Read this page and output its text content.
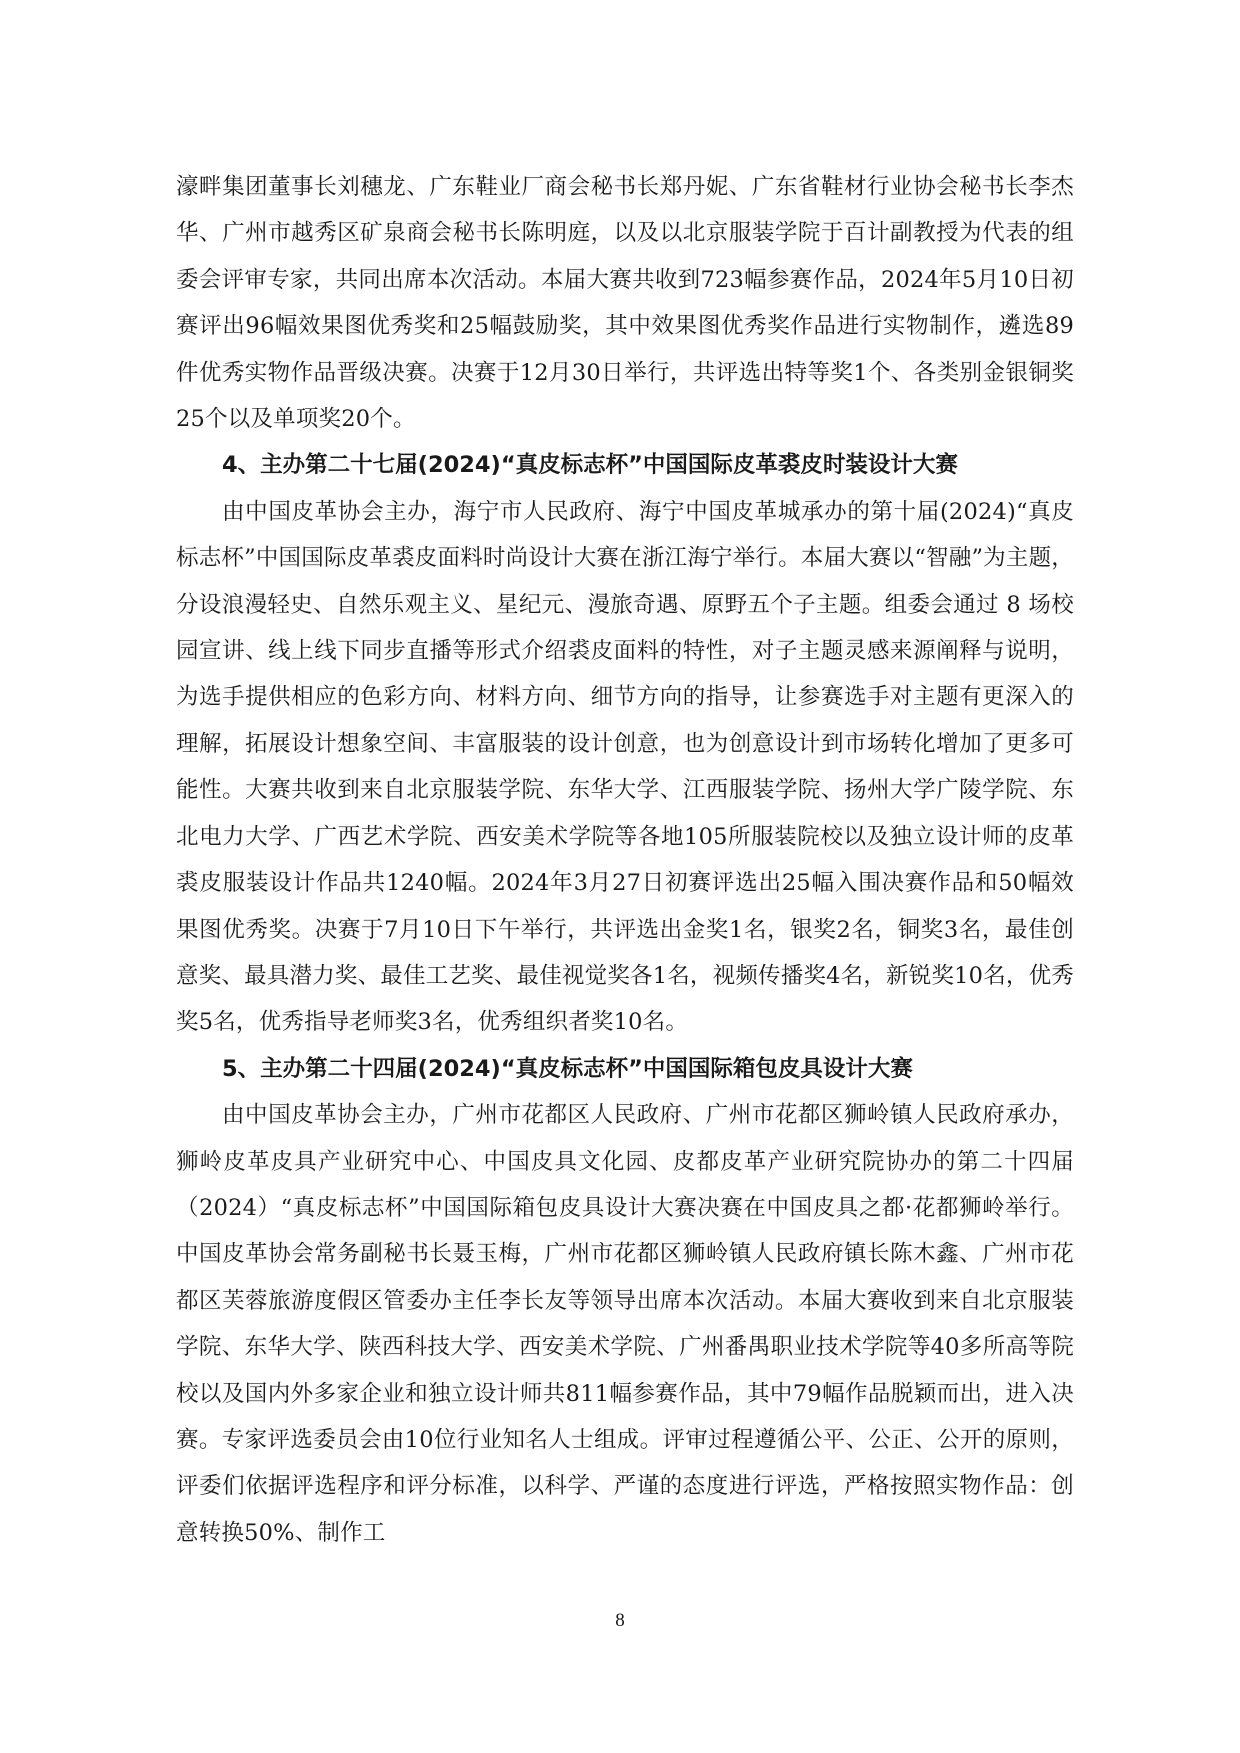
濠畔集团董事长刘穗龙、广东鞋业厂商会秘书长郑丹妮、广东省鞋材行业协会秘书长李杰华、广州市越秀区矿泉商会秘书长陈明庭，以及以北京服装学院于百计副教授为代表的组委会评审专家，共同出席本次活动。本届大赛共收到723幅参赛作品，2024年5月10日初赛评出96幅效果图优秀奖和25幅鼓励奖，其中效果图优秀奖作品进行实物制作，遴选89件优秀实物作品晋级决赛。决赛于12月30日举行，共评选出特等奖1个、各类别金银铜奖25个以及单项奖20个。

4、主办第二十七届(2024)“真皮标志杯”中国国际皮革裘皮时装设计大赛

由中国皮革协会主办，海宁市人民政府、海宁中国皮革城承办的第十届(2024)“真皮标志杯”中国国际皮革裘皮面料时尚设计大赛在浙江海宁举行。本届大赛以“智融”为主题，分设浪漫轻史、自然乐观主义、星纪元、漫旅奇遇、原野五个子主题。组委会通过 8 场校园宣讲、线上线下同步直播等形式介绍裘皮面料的特性，对子主题灵感来源阐释与说明，为选手提供相应的色彩方向、材料方向、细节方向的指导，让参赛选手对主题有更深入的理解，拓展设计想象空间、丰富服装的设计创意，也为创意设计到市场转化增加了更多可能性。大赛共收到来自北京服装学院、东华大学、江西服装学院、扬州大学广陵学院、东北电力大学、广西艺术学院、西安美术学院等各地105所服装院校以及独立设计师的皮革裘皮服装设计作品共1240幅。2024年3月27日初赛评选出25幅入围决赛作品和50幅效果图优秀奖。决赛于7月10日下午举行，共评选出金奖1名，银奖2名，铜奖3名，最佳创意奖、最具潜力奖、最佳工艺奖、最佳视觉奖各1名，视频传播奖4名，新锐奖10名，优秀奖5名，优秀指导老师奖3名，优秀组织者奖10名。

5、主办第二十四届(2024)“真皮标志杯”中国国际箱包皮具设计大赛

由中国皮革协会主办，广州市花都区人民政府、广州市花都区狮岭镇人民政府承办，狮岭皮革皮具产业研究中心、中国皮具文化园、皮都皮革产业研究院协办的第二十四届（2024）“真皮标志杯”中国国际箱包皮具设计大赛决赛在中国皮具之都·花都狮岭举行。中国皮革协会常务副秘书长聂玉梅，广州市花都区狮岭镇人民政府镇长陈木鑫、广州市花都区芙蓉旅游度假区管委办主任李长友等领导出席本次活动。本届大赛收到来自北京服装学院、东华大学、陕西科技大学、西安美术学院、广州番禺职业技术学院等40多所高等院校以及国内外多家企业和独立设计师共811幅参赛作品，其中79幅作品脱颖而出，进入决赛。专家评选委员会由10位行业知名人士组成。评审过程遵循公平、公正、公开的原则，评委们依据评选程序和评分标准，以科学、严谨的态度进行评选，严格按照实物作品：创意转换50%、制作工

8
